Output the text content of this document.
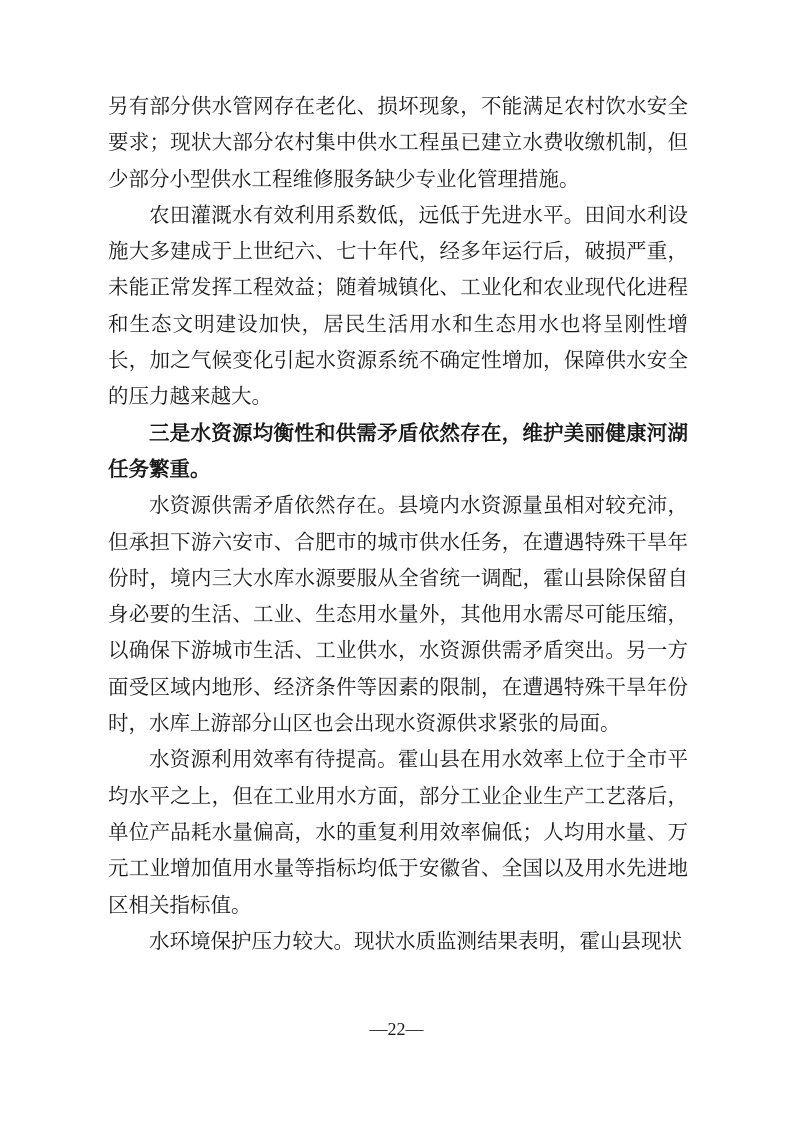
另有部分供水管网存在老化、损坏现象，不能满足农村饮水安全要求；现状大部分农村集中供水工程虽已建立水费收缴机制，但少部分小型供水工程维修服务缺少专业化管理措施。

农田灌溉水有效利用系数低，远低于先进水平。田间水利设施大多建成于上世纪六、七十年代，经多年运行后，破损严重，未能正常发挥工程效益；随着城镇化、工业化和农业现代化进程和生态文明建设加快，居民生活用水和生态用水也将呈刚性增长，加之气候变化引起水资源系统不确定性增加，保障供水安全的压力越来越大。

三是水资源均衡性和供需矛盾依然存在，维护美丽健康河湖任务繁重。

水资源供需矛盾依然存在。县境内水资源量虽相对较充沛，但承担下游六安市、合肥市的城市供水任务，在遭遇特殊干旱年份时，境内三大水库水源要服从全省统一调配，霍山县除保留自身必要的生活、工业、生态用水量外，其他用水需尽可能压缩，以确保下游城市生活、工业供水，水资源供需矛盾突出。另一方面受区域内地形、经济条件等因素的限制，在遭遇特殊干旱年份时，水库上游部分山区也会出现水资源供求紧张的局面。

水资源利用效率有待提高。霍山县在用水效率上位于全市平均水平之上，但在工业用水方面，部分工业企业生产工艺落后，单位产品耗水量偏高，水的重复利用效率偏低；人均用水量、万元工业增加值用水量等指标均低于安徽省、全国以及用水先进地区相关指标值。

水环境保护压力较大。现状水质监测结果表明，霍山县现状

—22—
